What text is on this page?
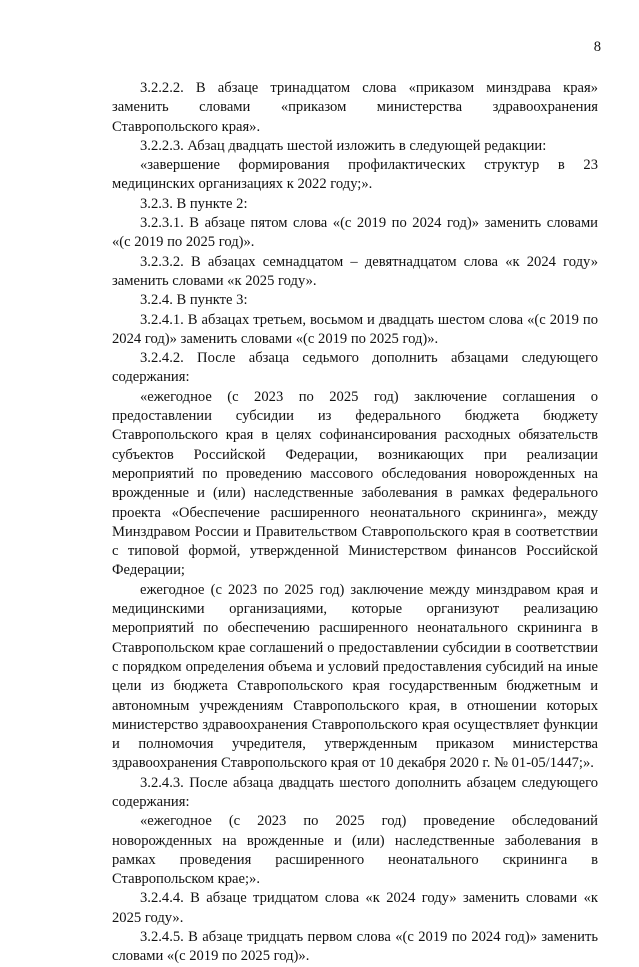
8

3.2.2.2. В абзаце тринадцатом слова «приказом минздрава края» заменить словами «приказом министерства здравоохранения Ставропольского края».

3.2.2.3. Абзац двадцать шестой изложить в следующей редакции:

«завершение формирования профилактических структур в 23 медицинских организациях к 2022 году;».

3.2.3. В пункте 2:

3.2.3.1. В абзаце пятом слова «(с 2019 по 2024 год)» заменить словами «(с 2019 по 2025 год)».

3.2.3.2. В абзацах семнадцатом – девятнадцатом слова «к 2024 году» заменить словами «к 2025 году».

3.2.4. В пункте 3:

3.2.4.1. В абзацах третьем, восьмом и двадцать шестом слова «(с 2019 по 2024 год)» заменить словами «(с 2019 по 2025 год)».

3.2.4.2. После абзаца седьмого дополнить абзацами следующего содержания:

«ежегодное (с 2023 по 2025 год) заключение соглашения о предоставлении субсидии из федерального бюджета бюджету Ставропольского края в целях софинансирования расходных обязательств субъектов Российской Федерации, возникающих при реализации мероприятий по проведению массового обследования новорожденных на врожденные и (или) наследственные заболевания в рамках федерального проекта «Обеспечение расширенного неонатального скрининга», между Минздравом России и Правительством Ставропольского края в соответствии с типовой формой, утвержденной Министерством финансов Российской Федерации;

ежегодное (с 2023 по 2025 год) заключение между минздравом края и медицинскими организациями, которые организуют реализацию мероприятий по обеспечению расширенного неонатального скрининга в Ставропольском крае соглашений о предоставлении субсидии в соответствии с порядком определения объема и условий предоставления субсидий на иные цели из бюджета Ставропольского края государственным бюджетным и автономным учреждениям Ставропольского края, в отношении которых министерство здравоохранения Ставропольского края осуществляет функции и полномочия учредителя, утвержденным приказом министерства здравоохранения Ставропольского края от 10 декабря 2020 г. № 01-05/1447;».

3.2.4.3. После абзаца двадцать шестого дополнить абзацем следующего содержания:

«ежегодное (с 2023 по 2025 год) проведение обследований новорожденных на врожденные и (или) наследственные заболевания в рамках проведения расширенного неонатального скрининга в Ставропольском крае;».

3.2.4.4. В абзаце тридцатом слова «к 2024 году» заменить словами «к 2025 году».

3.2.4.5. В абзаце тридцать первом слова «(с 2019 по 2024 год)» заменить словами «(с 2019 по 2025 год)».
